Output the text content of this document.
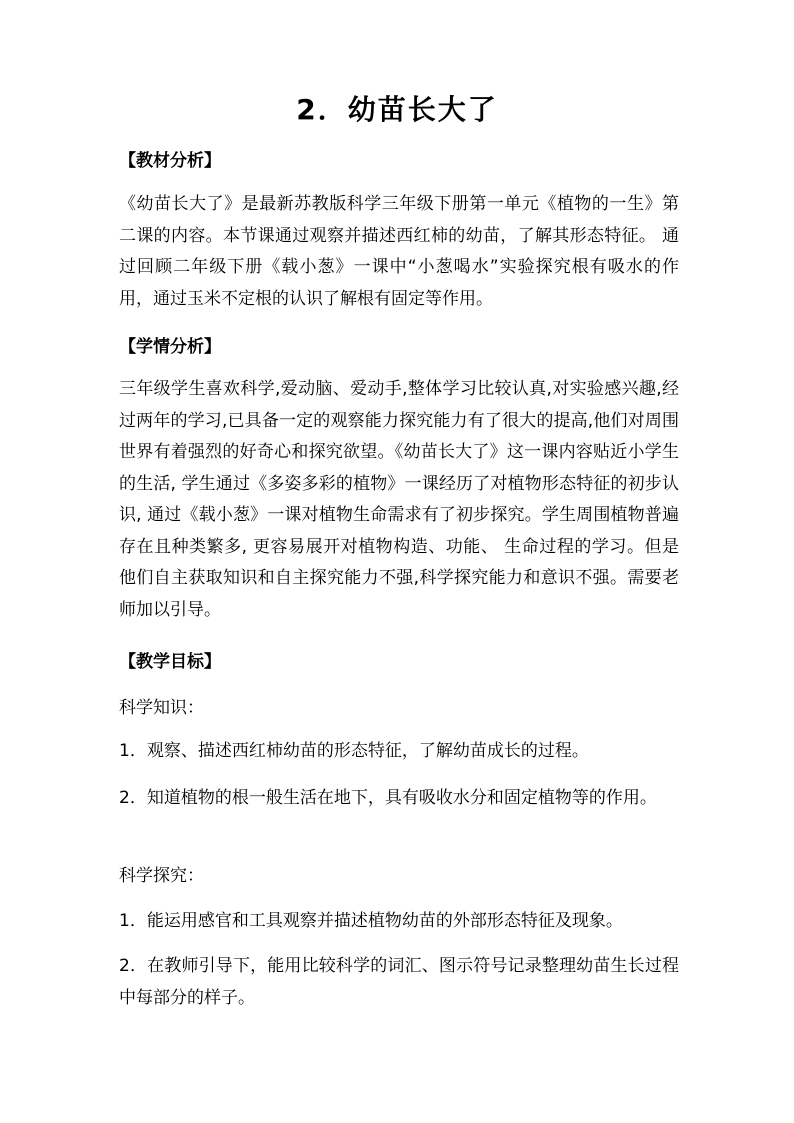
2．幼苗长大了
【教材分析】
《幼苗长大了》是最新苏教版科学三年级下册第一单元《植物的一生》第二课的内容。本节课通过观察并描述西红柿的幼苗，了解其形态特征。 通过回顾二年级下册《载小葱》一课中“小葱喝水”实验探究根有吸水的作用，通过玉米不定根的认识了解根有固定等作用。
【学情分析】
三年级学生喜欢科学,爱动脑、爱动手,整体学习比较认真,对实验感兴趣,经过两年的学习,已具备一定的观察能力探究能力有了很大的提高,他们对周围世界有着强烈的好奇心和探究欲望。《幼苗长大了》这一课内容贴近小学生的生活, 学生通过《多姿多彩的植物》一课经历了对植物形态特征的初步认识, 通过《载小葱》一课对植物生命需求有了初步探究。学生周围植物普遍存在且种类繁多, 更容易展开对植物构造、功能、 生命过程的学习。但是他们自主获取知识和自主探究能力不强,科学探究能力和意识不强。需要老师加以引导。
【教学目标】
科学知识：
1．观察、描述西红柿幼苗的形态特征，了解幼苗成长的过程。
2．知道植物的根一般生活在地下，具有吸收水分和固定植物等的作用。
科学探究：
1．能运用感官和工具观察并描述植物幼苗的外部形态特征及现象。
2．在教师引导下，能用比较科学的词汇、图示符号记录整理幼苗生长过程中每部分的样子。
